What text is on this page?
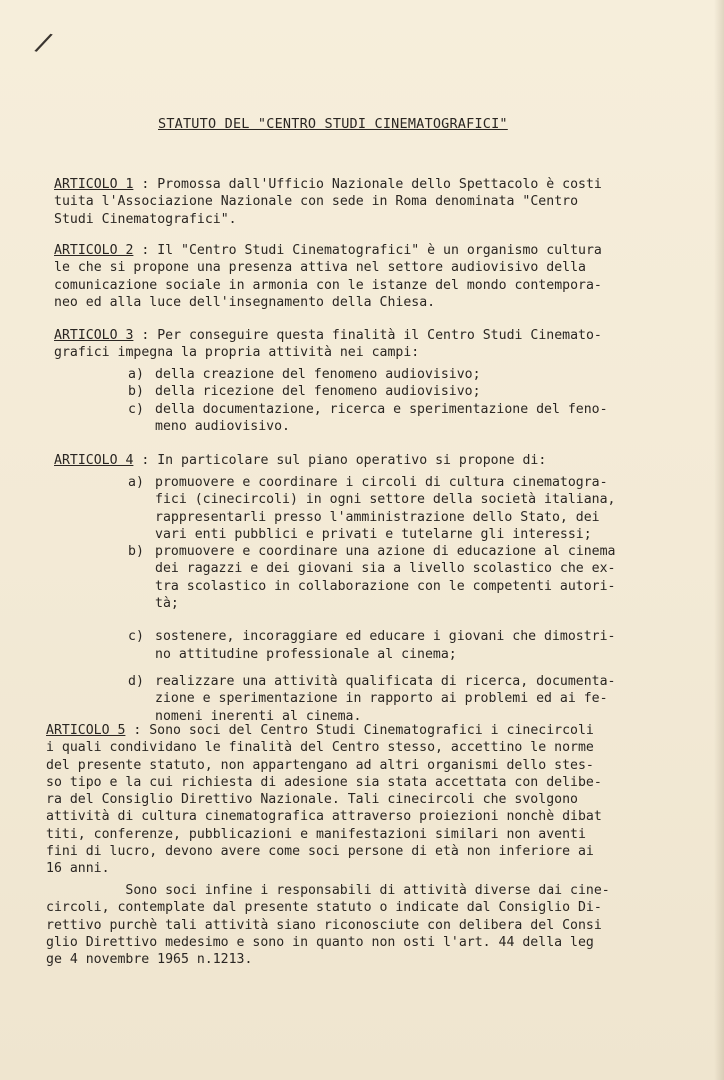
/
STATUTO DEL "CENTRO STUDI CINEMATOGRAFICI"
ARTICOLO 1 : Promossa dall'Ufficio Nazionale dello Spettacolo è costi
tuita l'Associazione Nazionale con sede in Roma denominata "Centro
Studi Cinematografici".
ARTICOLO 2 : Il "Centro Studi Cinematografici" è un organismo cultura
le che si propone una presenza attiva nel settore audiovisivo della
comunicazione sociale in armonia con le istanze del mondo contempora-
neo ed alla luce dell'insegnamento della Chiesa.
ARTICOLO 3 : Per conseguire questa finalità il Centro Studi Cinemato-
grafici impegna la propria attività nei campi:
a) della creazione del fenomeno audiovisivo;
b) della ricezione del fenomeno audiovisivo;
c) della documentazione, ricerca e sperimentazione del feno-
meno audiovisivo.
ARTICOLO 4 : In particolare sul piano operativo si propone di:
a) promuovere e coordinare i circoli di cultura cinematogra-
fici (cinecircoli) in ogni settore della società italiana,
rappresentarli presso l'amministrazione dello Stato, dei
vari enti pubblici e privati e tutelarne gli interessi;
b) promuovere e coordinare una azione di educazione al cinema
dei ragazzi e dei giovani sia a livello scolastico che ex-
tra scolastico in collaborazione con le competenti autori-
tà;
c) sostenere, incoraggiare ed educare i giovani che dimostri-
no attitudine professionale al cinema;
d) realizzare una attività qualificata di ricerca, documenta-
zione e sperimentazione in rapporto ai problemi ed ai fe-
nomeni inerenti al cinema.
ARTICOLO 5 : Sono soci del Centro Studi Cinematografici i cinecircoli
i quali condividano le finalità del Centro stesso, accettino le norme
del presente statuto, non appartengano ad altri organismi dello stes-
so tipo e la cui richiesta di adesione sia stata accettata con delibe-
ra del Consiglio Direttivo Nazionale. Tali cinecircoli che svolgono
attività di cultura cinematografica attraverso proiezioni nonchè dibat
titi, conferenze, pubblicazioni e manifestazioni similari non aventi
fini di lucro, devono avere come soci persone di età non inferiore ai
16 anni.
Sono soci infine i responsabili di attività diverse dai cine-
circoli, contemplate dal presente statuto o indicate dal Consiglio Di-
rettivo purchè tali attività siano riconosciute con delibera del Consi
glio Direttivo medesimo e sono in quanto non osti l'art. 44 della leg
ge 4 novembre 1965 n.1213.
